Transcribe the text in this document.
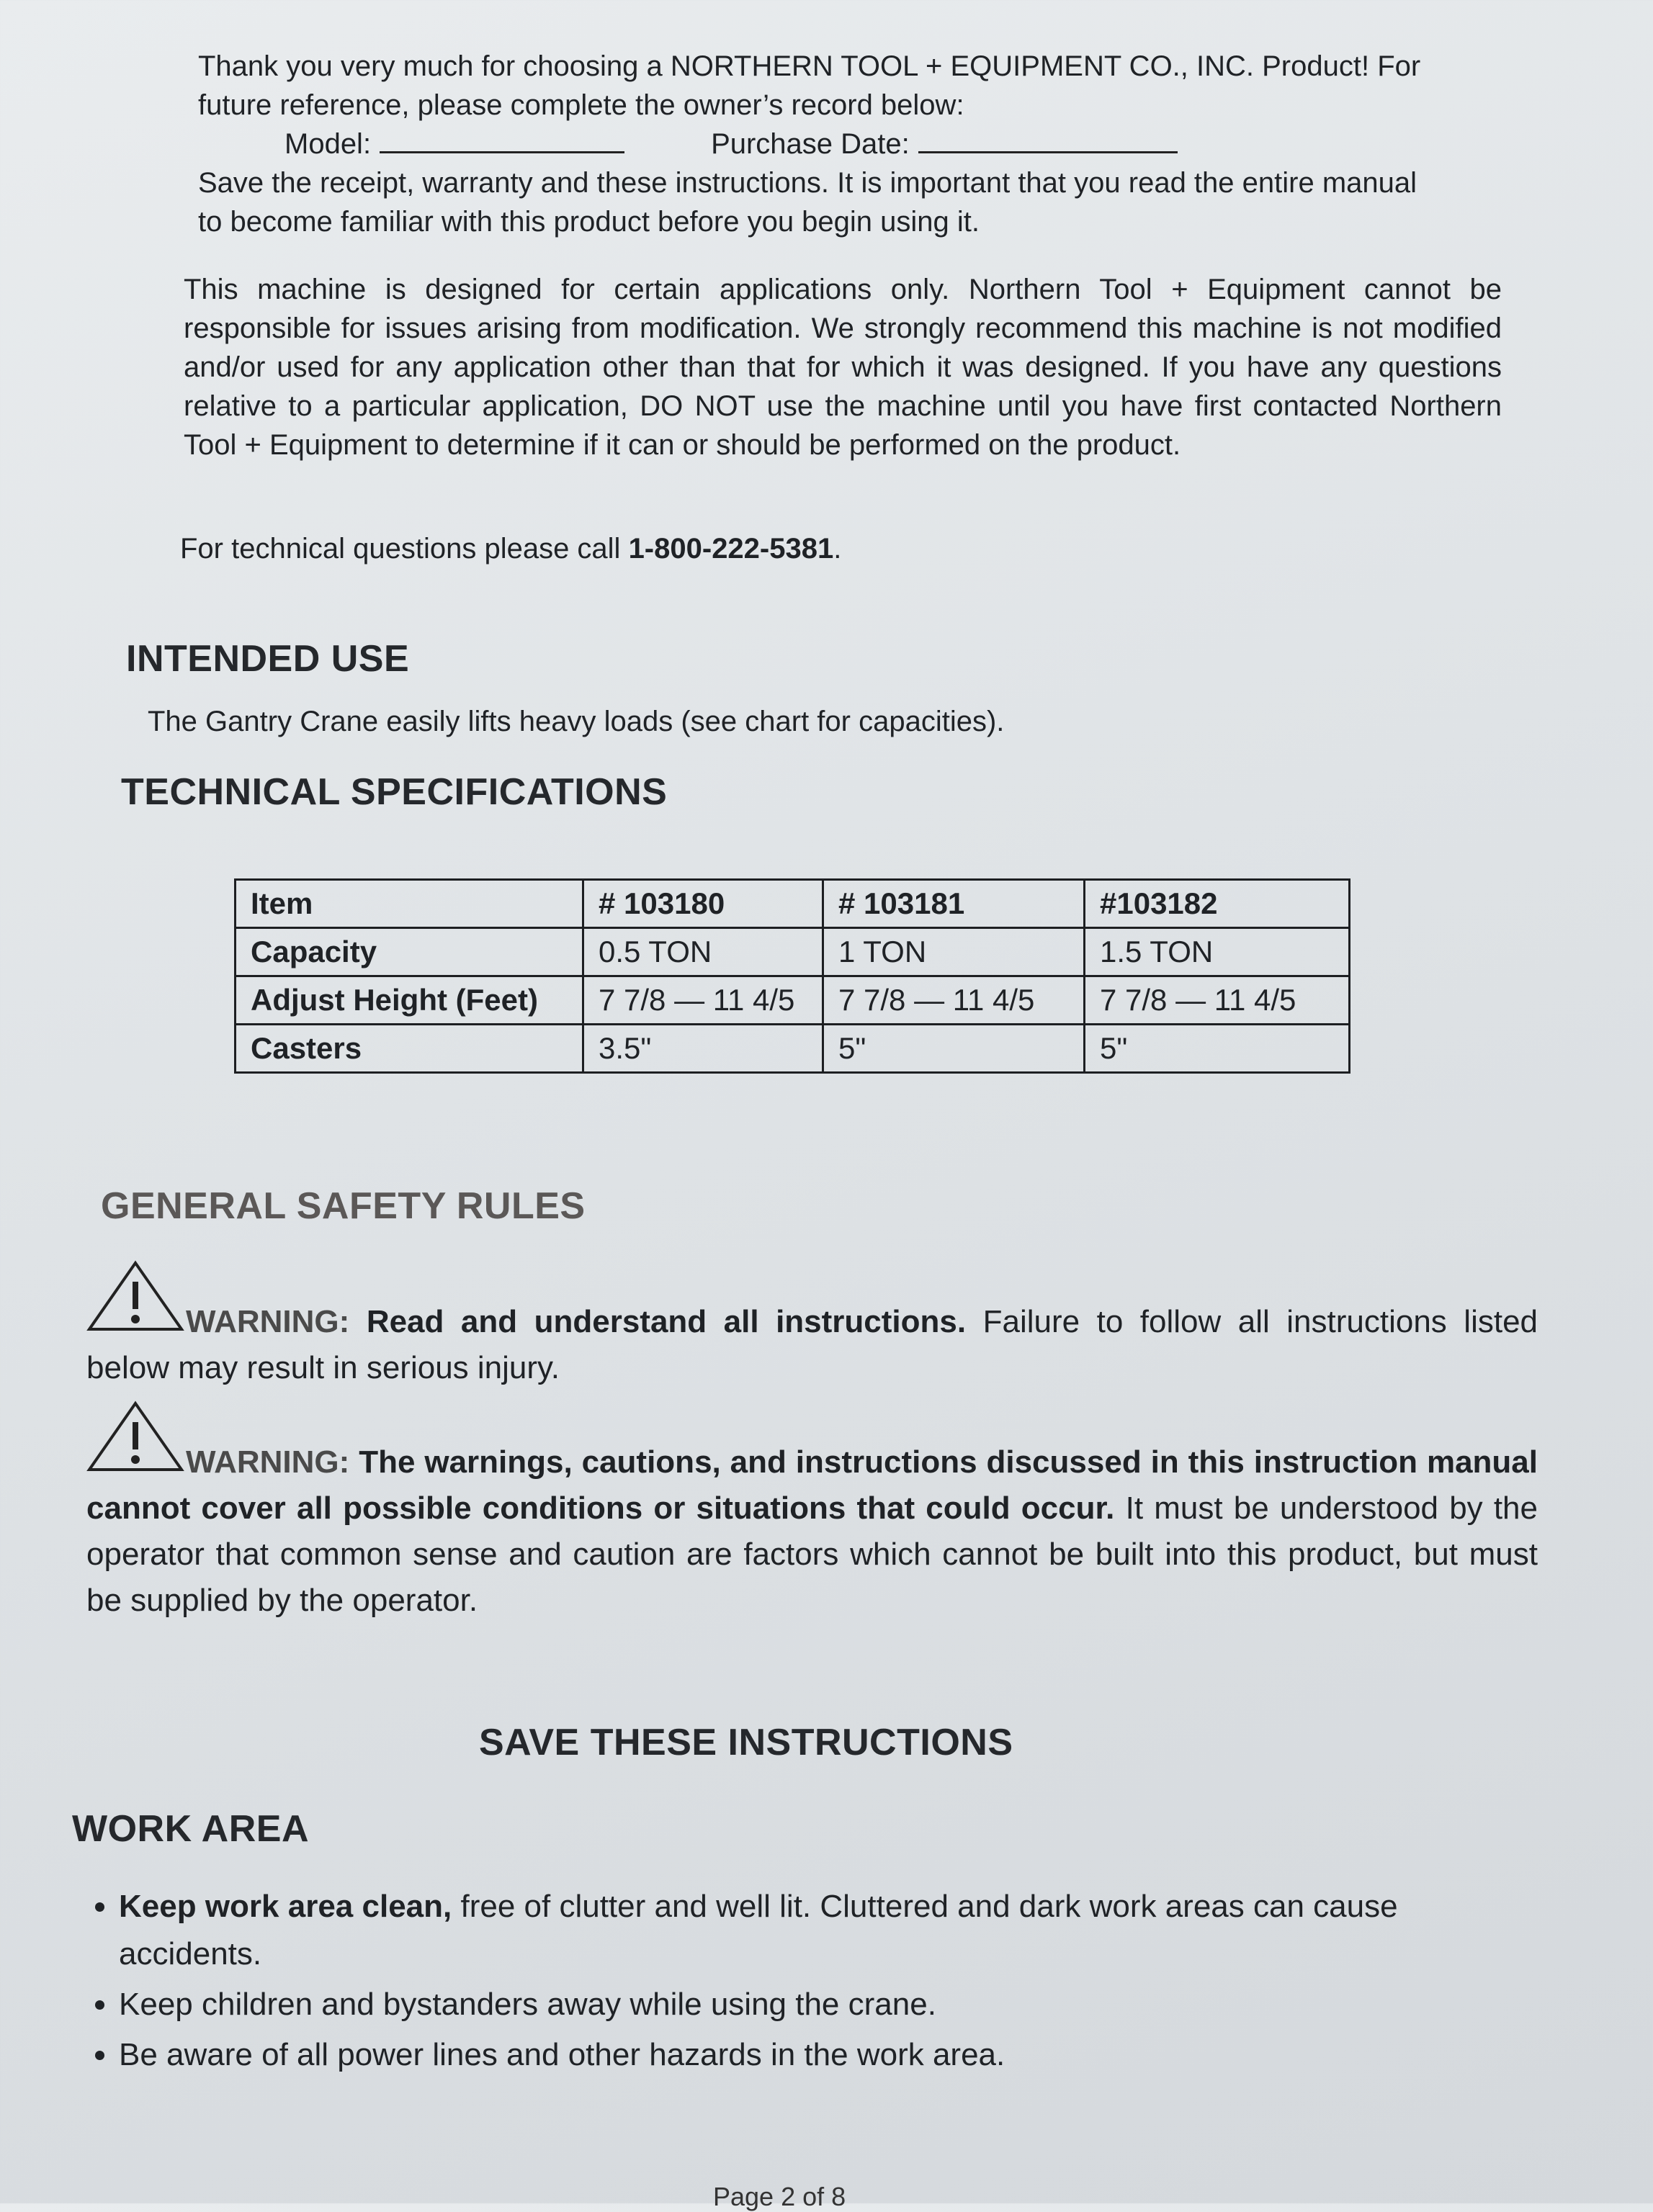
Thank you very much for choosing a NORTHERN TOOL + EQUIPMENT CO., INC. Product! For

future reference, please complete the owner’s record below:

Model:	Purchase Date:

Save the receipt, warranty and these instructions. It is important that you read the entire manual

to become familiar with this product before you begin using it.

This machine is designed for certain applications only. Northern Tool + Equipment cannot be responsible for issues arising from modification. We strongly recommend this machine is not modified and/or used for any application other than that for which it was designed. If you have any questions relative to a particular application, DO NOT use the machine until you have first contacted Northern Tool + Equipment to determine if it can or should be performed on the product.

For technical questions please call 1-800-222-5381.
INTENDED USE
The Gantry Crane easily lifts heavy loads (see chart for capacities).
TECHNICAL SPECIFICATIONS
Item	# 103180	# 103181	#103182
Capacity	0.5 TON	1 TON	1.5 TON
Adjust Height (Feet)	7 7/8 — 11 4/5	7 7/8 — 11 4/5	7 7/8 — 11 4/5
Casters	3.5"	5"	5"
GENERAL SAFETY RULES
WARNING: Read and understand all instructions. Failure to follow all instructions listed below may result in serious injury.
WARNING: The warnings, cautions, and instructions discussed in this instruction manual cannot cover all possible conditions or situations that could occur. It must be understood by the operator that common sense and caution are factors which cannot be built into this product, but must be supplied by the operator.
SAVE THESE INSTRUCTIONS
WORK AREA
• Keep work area clean, free of clutter and well lit. Cluttered and dark work areas can cause accidents.
• Keep children and bystanders away while using the crane.
• Be aware of all power lines and other hazards in the work area.
Page 2 of 8
